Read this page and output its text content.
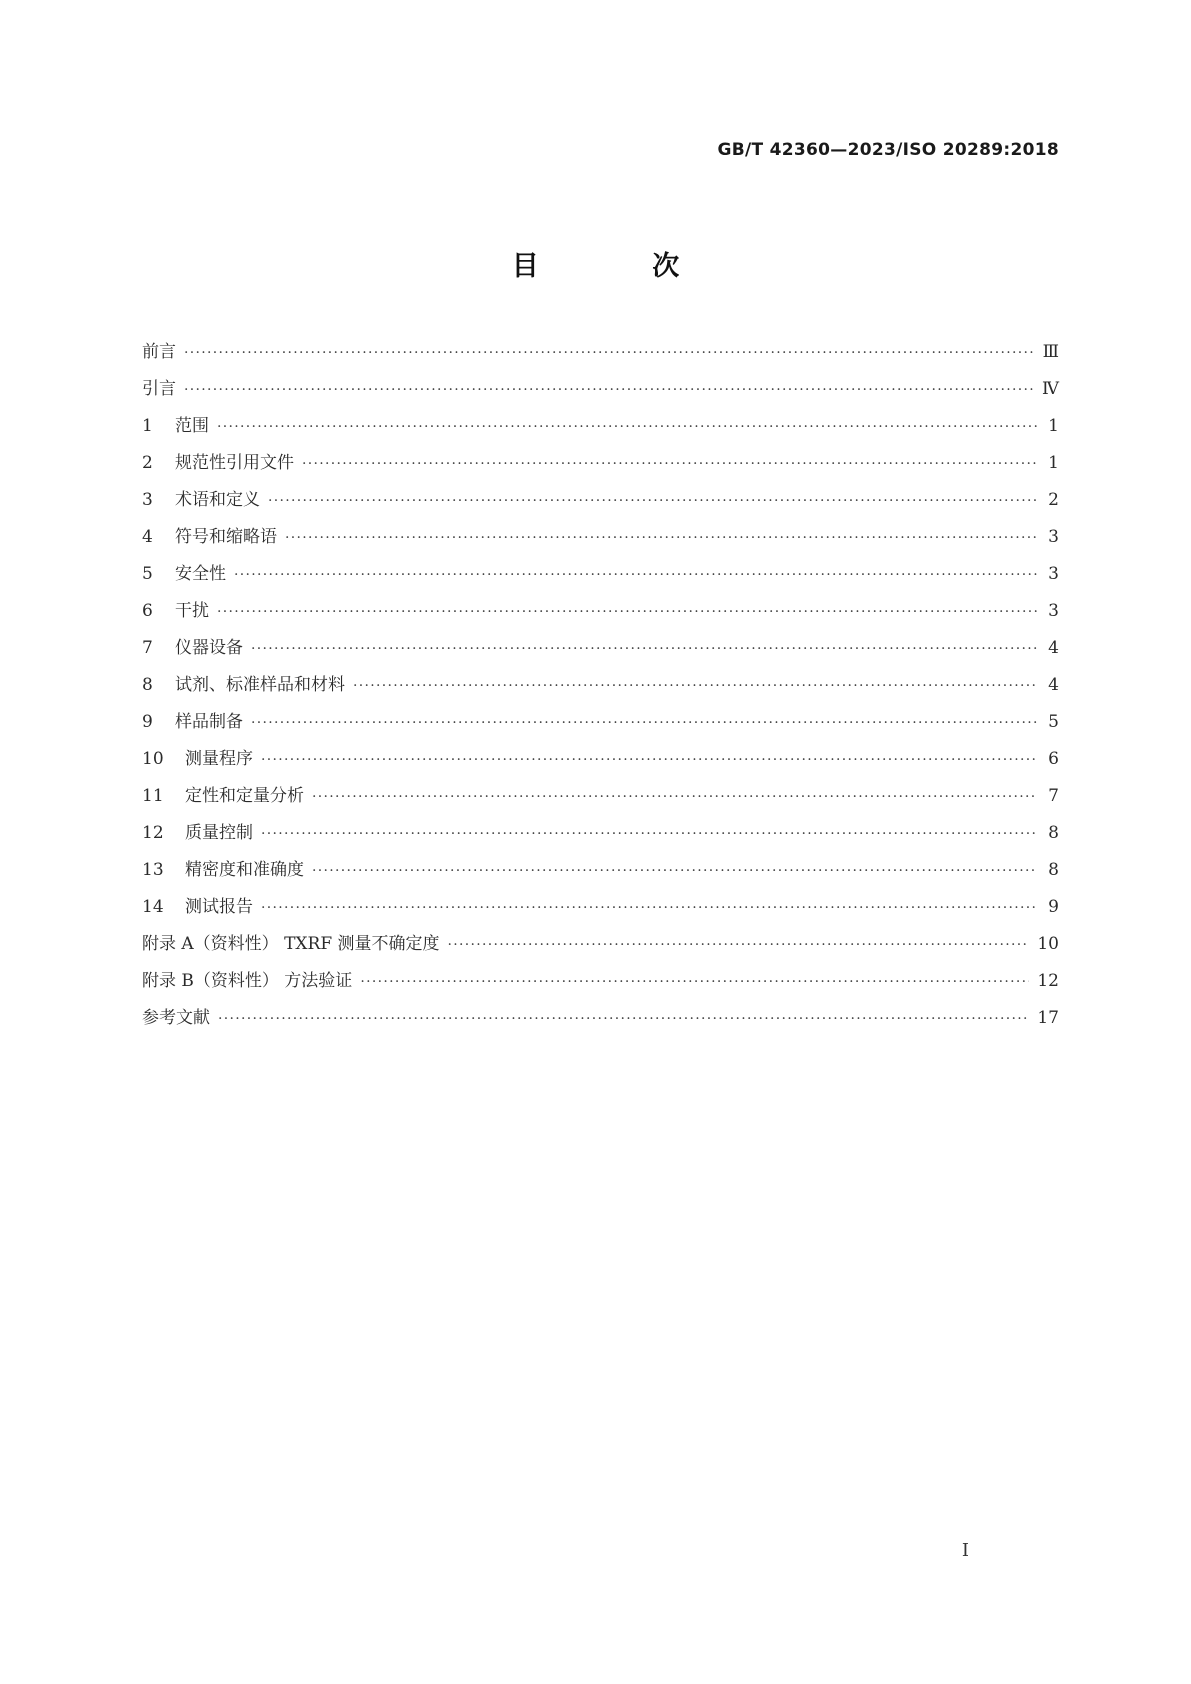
GB/T 42360—2023/ISO 20289:2018
目 次
前言 ·····	Ⅲ
引言 ·····	Ⅳ
1 范围 ·····	1
2 规范性引用文件 ·····	1
3 术语和定义 ·····	2
4 符号和缩略语 ·····	3
5 安全性 ·····	3
6 干扰 ·····	3
7 仪器设备 ·····	4
8 试剂、标准样品和材料 ·····	4
9 样品制备 ·····	5
10 测量程序 ·····	6
11 定性和定量分析 ·····	7
12 质量控制 ·····	8
13 精密度和准确度 ·····	8
14 测试报告 ·····	9
附录 A（资料性） TXRF 测量不确定度 ·····	10
附录 B（资料性） 方法验证 ·····	12
参考文献 ·····	17
I
